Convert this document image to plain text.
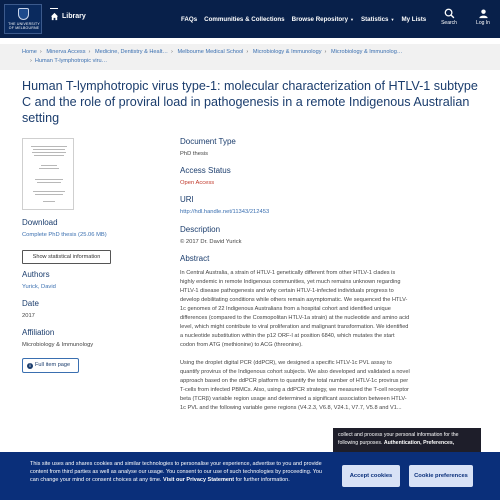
THE UNIVERSITY OF MELBOURNE
Library	FAQs Communities & Collections Browse Repository ▼ Statistics ▼ My Lists	Search	Log In
Home › Minerva Access › Medicine, Dentistry & Healt… › Melbourne Medical School › Microbiology & Immunology › Microbiology & Immunolog…
› Human T-lymphotropic viru…
Human T-lymphotropic virus type-1: molecular characterization of HTLV-1 subtype C and the role of proviral load in pathogenesis in a remote Indigenous Australian setting
Download
Complete PhD thesis (25.06 MB)
Show statistical information
Authors
Yurick, David
Date
2017
Affiliation
Microbiology & Immunology
i Full item page
Document Type
PhD thesis
Access Status
Open Access
URI
http://hdl.handle.net/11343/212453
Description
© 2017 Dr. David Yurick
Abstract

In Central Australia, a strain of HTLV-1 genetically different from other HTLV-1 clades is highly endemic in remote Indigenous communities, yet much remains unknown regarding HTLV-1 disease pathogenesis and why certain HTLV-1-infected individuals progress to develop debilitating conditions while others remain asymptomatic. We sequenced the HTLV-1c genomes of 22 Indigenous Australians from a hospital cohort and identified unique differences (compared to the Cosmopolitan HTLV-1a strain) at the nucleotide and amino acid level, which might contribute to viral proliferation and malignant transformation. We identified a nucleotide substitution within the p12 ORF-I at position 6840, which mutates the start codon from ATG (methionine) to ACG (threonine).

Using the droplet digital PCR (ddPCR), we designed a specific HTLV-1c PVL assay to quantify provirus of the Indigenous cohort subjects. We also developed and validated a novel approach based on the ddPCR platform to quantify the total number of HTLV-1c provirus per T-cells from infected PBMCs. Also, using a ddPCR strategy, we measured the T-cell receptor beta (TCRβ) variable region usage and determined a significant association between HTLV-1c PVL and the following variable gene regions (V4.2.3, V6.8, V24.1, V7.7, V5.8 and V1...

collect and process your personal information for the following purposes. Authentication, Preferences,
This site uses and shares cookies and similar technologies to personalise your experience, advertise to you and provide content from third parties as well as analyse our usage. You consent to our use of such technologies by proceeding. You can change your mind or consent choices at any time. Visit our Privacy Statement for further information.
Accept cookies	Cookie preferences
